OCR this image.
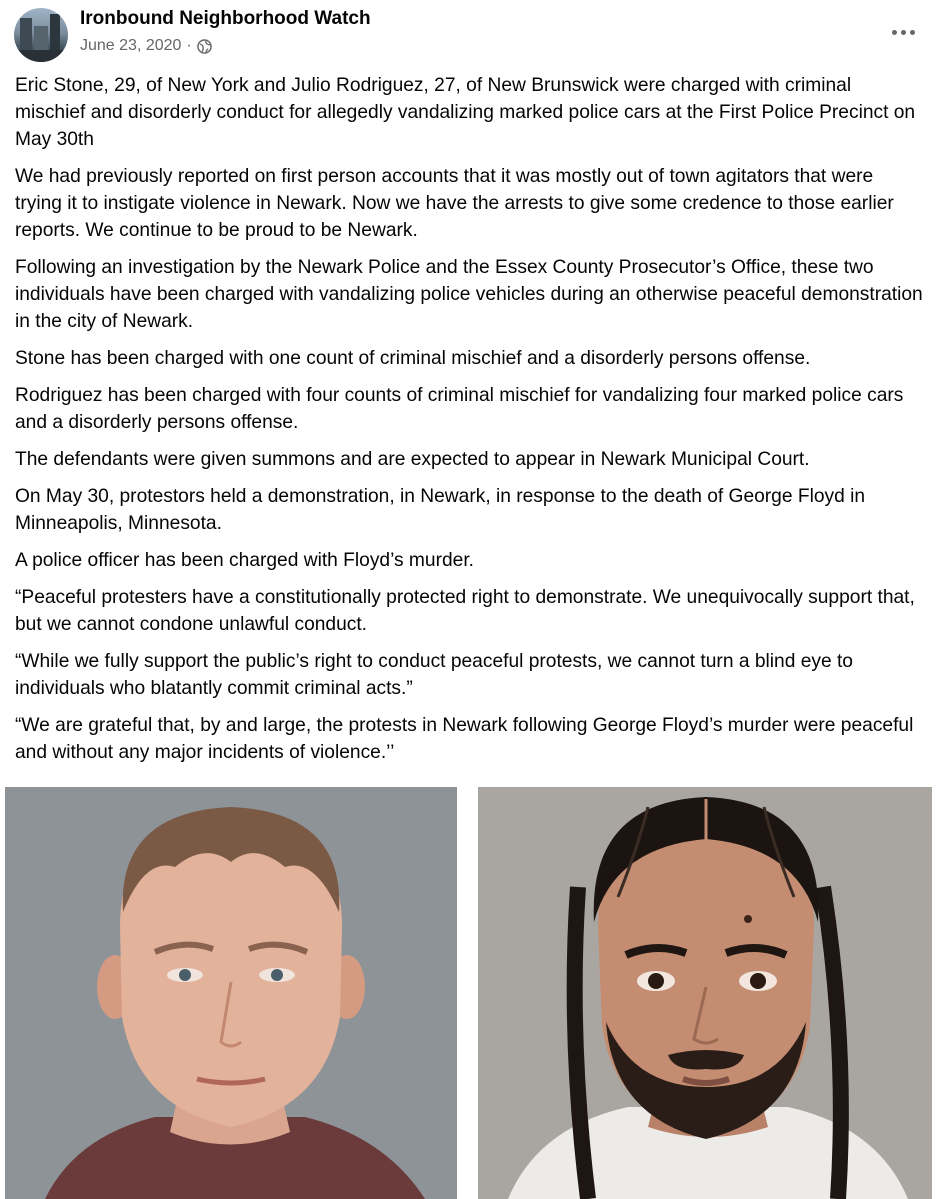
Ironbound Neighborhood Watch
June 23, 2020 ·

Eric Stone, 29, of New York and Julio Rodriguez, 27, of New Brunswick were charged with criminal mischief and disorderly conduct for allegedly vandalizing marked police cars at the First Police Precinct on May 30th

We had previously reported on first person accounts that it was mostly out of town agitators that were trying it to instigate violence in Newark. Now we have the arrests to give some credence to those earlier reports. We continue to be proud to be Newark.

Following an investigation by the Newark Police and the Essex County Prosecutor’s Office, these two individuals have been charged with vandalizing police vehicles during an otherwise peaceful demonstration in the city of Newark.

Stone has been charged with one count of criminal mischief and a disorderly persons offense.

Rodriguez has been charged with four counts of criminal mischief for vandalizing four marked police cars and a disorderly persons offense.

The defendants were given summons and are expected to appear in Newark Municipal Court.

On May 30, protestors held a demonstration, in Newark, in response to the death of George Floyd in Minneapolis, Minnesota.

A police officer has been charged with Floyd’s murder.

“Peaceful protesters have a constitutionally protected right to demonstrate. We unequivocally support that, but we cannot condone unlawful conduct.

“While we fully support the public’s right to conduct peaceful protests, we cannot turn a blind eye to individuals who blatantly commit criminal acts.”

“We are grateful that, by and large, the protests in Newark following George Floyd’s murder were peaceful and without any major incidents of violence.’’
